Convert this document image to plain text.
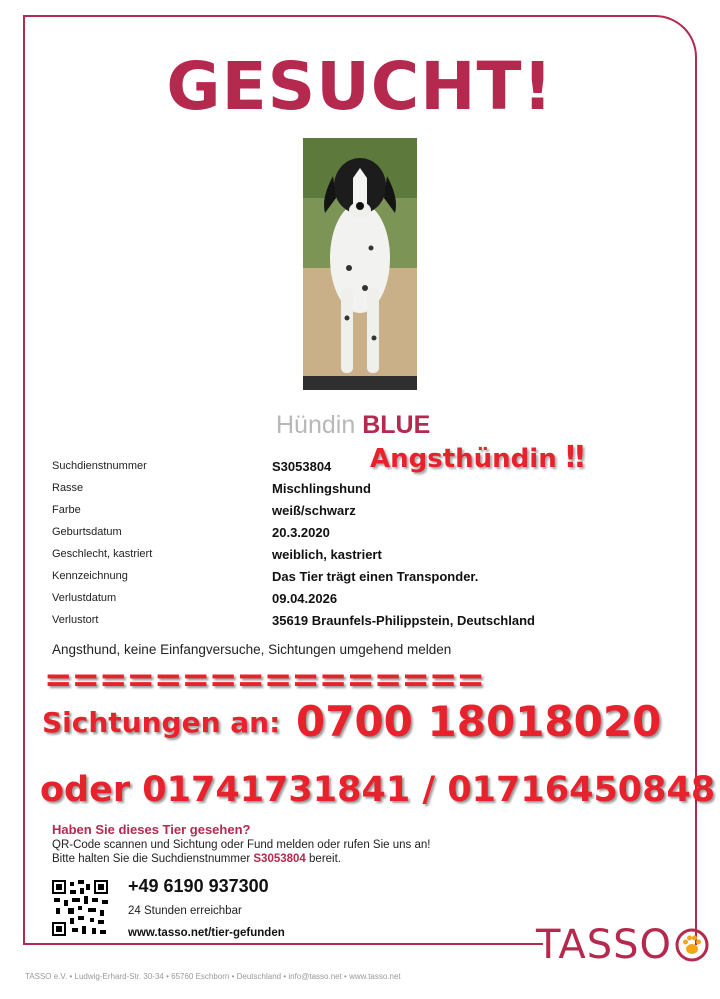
GESUCHT!
Hündin BLUE
Angsthündin ‼
Suchdienstnummer	S3053804
Rasse	Mischlingshund
Farbe	weiß/schwarz
Geburtsdatum	20.3.2020
Geschlecht, kastriert	weiblich, kastriert
Kennzeichnung	Das Tier trägt einen Transponder.
Verlustdatum	09.04.2026
Verlustort	35619 Braunfels-Philippstein, Deutschland
Angsthund, keine Einfangversuche, Sichtungen umgehend melden
================
Sichtungen an: 0700 18018020
oder 01741731841 / 01716450848
Haben Sie dieses Tier gesehen?
QR-Code scannen und Sichtung oder Fund melden oder rufen Sie uns an!
Bitte halten Sie die Suchdienstnummer S3053804 bereit.
+49 6190 937300
24 Stunden erreichbar
www.tasso.net/tier-gefunden	TASSO
TASSO e.V. • Ludwig-Erhard-Str. 30-34 • 65760 Eschborn • Deutschland • info@tasso.net • www.tasso.net
